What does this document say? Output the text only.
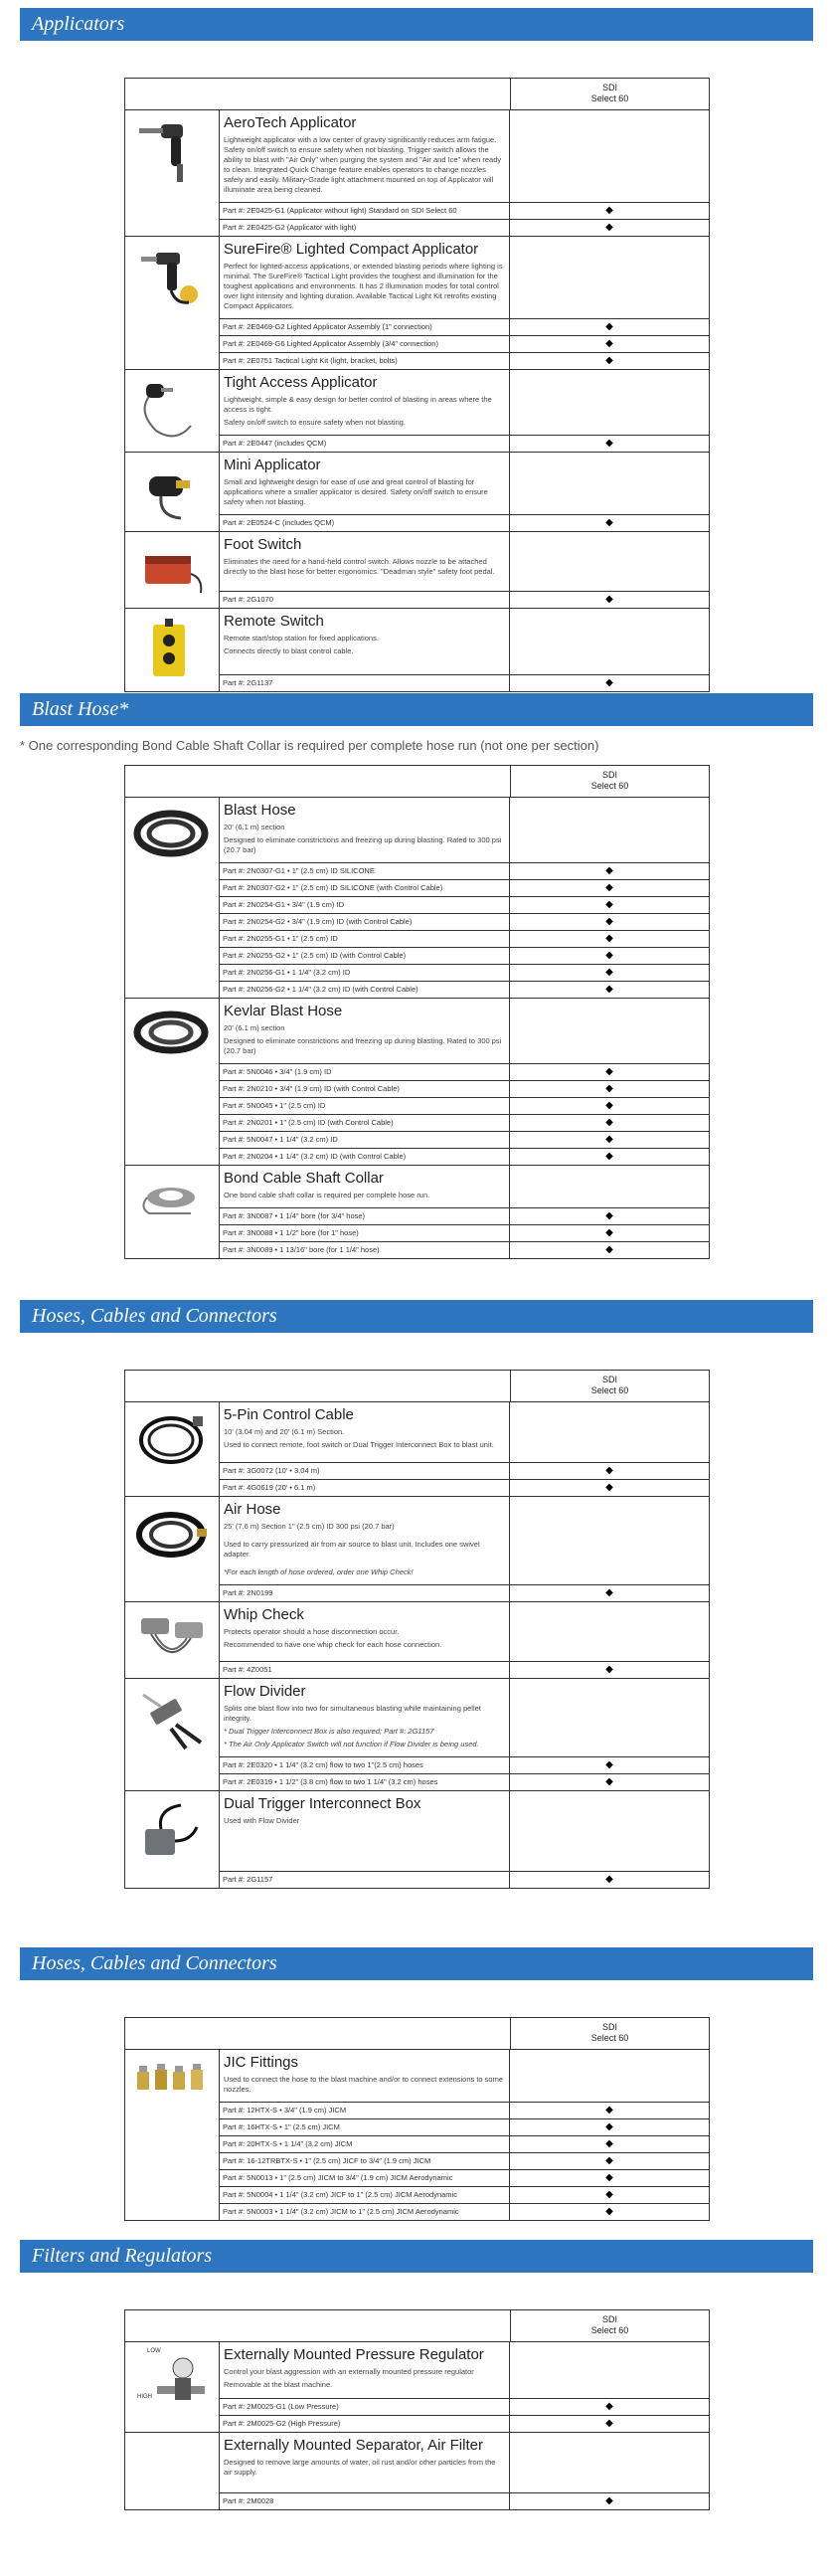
Applicators
SDI
Select 60
AeroTech Applicator

Lightweight applicator with a low center of gravity significantly reduces arm fatigue. Safety on/off switch to ensure safety when not blasting. Trigger switch allows the ability to blast with "Air Only" when purging the system and "Air and Ice" when ready to clean. Integrated Quick Change feature enables operators to change nozzles safely and easily. Military-Grade light attachment mounted on top of Applicator will illuminate area being cleaned.

Part #: 2E0425-G1 (Applicator without light) Standard on SDI Select 60	◆
Part #: 2E0425-G2 (Applicator with light)	◆
SureFire® Lighted Compact Applicator

Perfect for lighted-access applications, or extended blasting periods where lighting is minimal. The SureFire® Tactical Light provides the toughest and illumination for the toughest applications and environments. It has 2 illumination modes for total control over light intensity and lighting duration. Available Tactical Light Kit retrofits existing Compact Applicators.

Part #: 2E0469-G2 Lighted Applicator Assembly (1" connection)	◆
Part #: 2E0469-G6 Lighted Applicator Assembly (3/4" connection)	◆
Part #: 2E0751 Tactical Light Kit (light, bracket, bolts)	◆
Tight Access Applicator

Lightweight, simple & easy design for better control of blasting in areas where the access is tight.

Safety on/off switch to ensure safety when not blasting.

Part #: 2E0447 (includes QCM)	◆
Mini Applicator

Small and lightweight design for ease of use and great control of blasting for applications where a smaller applicator is desired. Safety on/off switch to ensure safety when not blasting.

Part #: 2E0524-C (includes QCM)	◆
Foot Switch

Eliminates the need for a hand-held control switch. Allows nozzle to be attached directly to the blast hose for better ergonomics. "Deadman style" safety foot pedal.

Part #: 2G1070	◆
Remote Switch

Remote start/stop station for fixed applications.

Connects directly to blast control cable.

Part #: 2G1137	◆
Blast Hose*
* One corresponding Bond Cable Shaft Collar is required per complete hose run (not one per section)
SDI
Select 60
Blast Hose

20' (6.1 m) section

Designed to eliminate constrictions and freezing up during blasting. Rated to 300 psi (20.7 bar)

Part #: 2N0307-G1 • 1" (2.5 cm) ID SILICONE	◆
Part #: 2N0307-G2 • 1" (2.5 cm) ID SILICONE (with Control Cable)	◆
Part #: 2N0254-G1 • 3/4" (1.9 cm) ID	◆
Part #: 2N0254-G2 • 3/4" (1.9 cm) ID (with Control Cable)	◆
Part #: 2N0255-G1 • 1" (2.5 cm) ID	◆
Part #: 2N0255-G2 • 1" (2.5 cm) ID (with Control Cable)	◆
Part #: 2N0256-G1 • 1 1/4" (3.2 cm) ID	◆
Part #: 2N0256-G2 • 1 1/4" (3.2 cm) ID (with Control Cable)	◆
Kevlar Blast Hose

20' (6.1 m) section

Designed to eliminate constrictions and freezing up during blasting. Rated to 300 psi (20.7 bar)

Part #: 5N0046 • 3/4" (1.9 cm) ID	◆
Part #: 2N0210 • 3/4" (1.9 cm) ID (with Control Cable)	◆
Part #: 5N0045 • 1" (2.5 cm) ID	◆
Part #: 2N0201 • 1" (2.5 cm) ID (with Control Cable)	◆
Part #: 5N0047 • 1 1/4" (3.2 cm) ID	◆
Part #: 2N0204 • 1 1/4" (3.2 cm) ID (with Control Cable)	◆
Bond Cable Shaft Collar

One bond cable shaft collar is required per complete hose run.

Part #: 3N0087 • 1 1/4" bore (for 3/4" hose)	◆
Part #: 3N0088 • 1 1/2" bore (for 1" hose)	◆
Part #: 3N0089 • 1 13/16" bore (for 1 1/4" hose)	◆
Hoses, Cables and Connectors
SDI
Select 60
5-Pin Control Cable

10' (3.04 m) and 20' (6.1 m) Section.

Used to connect remote, foot switch or Dual Trigger Interconnect Box to blast unit.

Part #: 3G0072 (10' • 3.04 m)	◆
Part #: 4G0619 (20' • 6.1 m)	◆
Air Hose

25' (7.6 m) Section 1" (2.5 cm) ID 300 psi (20.7 bar)

Used to carry pressurized air from air source to blast unit. Includes one swivel adapter.

*For each length of hose ordered, order one Whip Check!

Part #: 2N0199	◆
Whip Check

Protects operator should a hose disconnection occur.

Recommended to have one whip check for each hose connection.

Part #: 4Z0051	◆
Flow Divider

Splits one blast flow into two for simultaneous blasting while maintaining pellet integrity.

* Dual Trigger Interconnect Box is also required; Part #: 2G1157

* The Air Only Applicator Switch will not function if Flow Divider is being used.

Part #: 2E0320 • 1 1/4" (3.2 cm) flow to two 1"(2.5 cm) hoses	◆
Part #: 2E0319 • 1 1/2" (3.8 cm) flow to two 1 1/4" (3.2 cm) hoses	◆
Dual Trigger Interconnect Box

Used with Flow Divider

Part #: 2G1157	◆
Hoses, Cables and Connectors
SDI
Select 60
JIC Fittings

Used to connect the hose to the blast machine and/or to connect extensions to some nozzles.

Part #: 12HTX-S • 3/4" (1.9 cm) JICM	◆
Part #: 16HTX-S • 1" (2.5 cm) JICM	◆
Part #: 20HTX-S • 1 1/4" (3.2 cm) JICM	◆
Part #: 16-12TRBTX-S • 1" (2.5 cm) JICF to 3/4" (1.9 cm) JICM	◆
Part #: 5N0013 • 1" (2.5 cm) JICM to 3/4" (1.9 cm) JICM Aerodynamic	◆
Part #: 5N0004 • 1 1/4" (3.2 cm) JICF to 1" (2.5 cm) JICM Aerodynamic	◆
Part #: 5N0003 • 1 1/4" (3.2 cm) JICM to 1" (2.5 cm) JICM Aerodynamic	◆
Filters and Regulators
SDI
Select 60
LOW
HIGH
Externally Mounted Pressure Regulator

Control your blast aggression with an externally mounted pressure regulator

Removable at the blast machine.

Part #: 2M0025-G1 (Low Pressure)	◆
Part #: 2M0025-G2 (High Pressure)	◆
Externally Mounted Separator, Air Filter

Designed to remove large amounts of water, oil rust and/or other particles from the air supply.

Part #: 2M0028	◆
